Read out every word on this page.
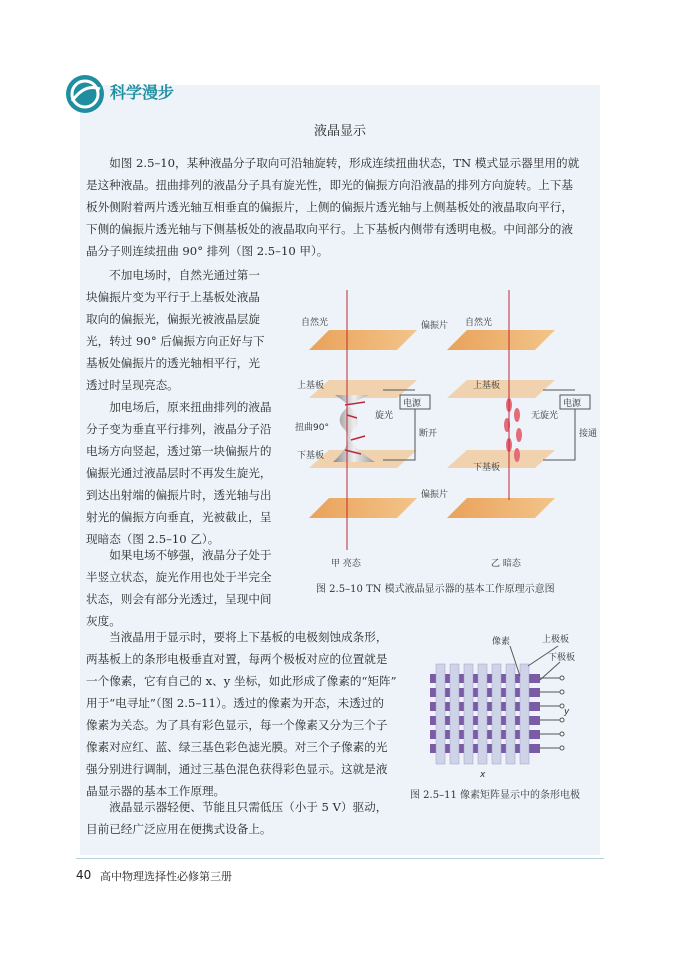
科学漫步
液晶显示
如图 2.5–10，某种液晶分子取向可沿轴旋转，形成连续扭曲状态，TN 模式显示器里用的就
是这种液晶。扭曲排列的液晶分子具有旋光性，即光的偏振方向沿液晶的排列方向旋转。上下基
板外侧附着两片透光轴互相垂直的偏振片，上侧的偏振片透光轴与上侧基板处的液晶取向平行，
下侧的偏振片透光轴与下侧基板处的液晶取向平行。上下基板内侧带有透明电极。中间部分的液
晶分子则连续扭曲 90° 排列（图 2.5–10 甲）。
不加电场时，自然光通过第一
块偏振片变为平行于上基板处液晶
取向的偏振光，偏振光被液晶层旋
光，转过 90° 后偏振方向正好与下
基板处偏振片的透光轴相平行，光
透过时呈现亮态。
加电场后，原来扭曲排列的液晶
分子变为垂直平行排列，液晶分子沿
电场方向竖起，透过第一块偏振片的
偏振光通过液晶层时不再发生旋光，
到达出射端的偏振片时，透光轴与出
射光的偏振方向垂直，光被截止，呈
现暗态（图 2.5–10 乙）。
如果电场不够强，液晶分子处于
半竖立状态，旋光作用也处于半完全
状态，则会有部分光透过，呈现中间
灰度。
当液晶用于显示时，要将上下基板的电极刻蚀成条形，
两基板上的条形电极垂直对置，每两个极板对应的位置就是
一个像素，它有自己的 x、y 坐标，如此形成了像素的“矩阵”
用于“电寻址”（图 2.5–11）。透过的像素为开态，未透过的
像素为关态。为了具有彩色显示，每一个像素又分为三个子
像素对应红、蓝、绿三基色彩色滤光膜。对三个子像素的光
强分别进行调制，通过三基色混色获得彩色显示。这就是液
晶显示器的基本工作原理。
液晶显示器轻便、节能且只需低压（小于 5 V）驱动，
目前已经广泛应用在便携式设备上。
自然光	自然光
偏振片
偏振片
上基板	上基板
下基板
下基板
电源	电源
旋光	无旋光
扭曲90°
断开	接通
甲 亮态	乙 暗态
图 2.5–10 TN 模式液晶显示器的基本工作原理示意图
像素	上极板
下极板
y
x
图 2.5–11 像素矩阵显示中的条形电极
40 高中物理选择性必修第三册
